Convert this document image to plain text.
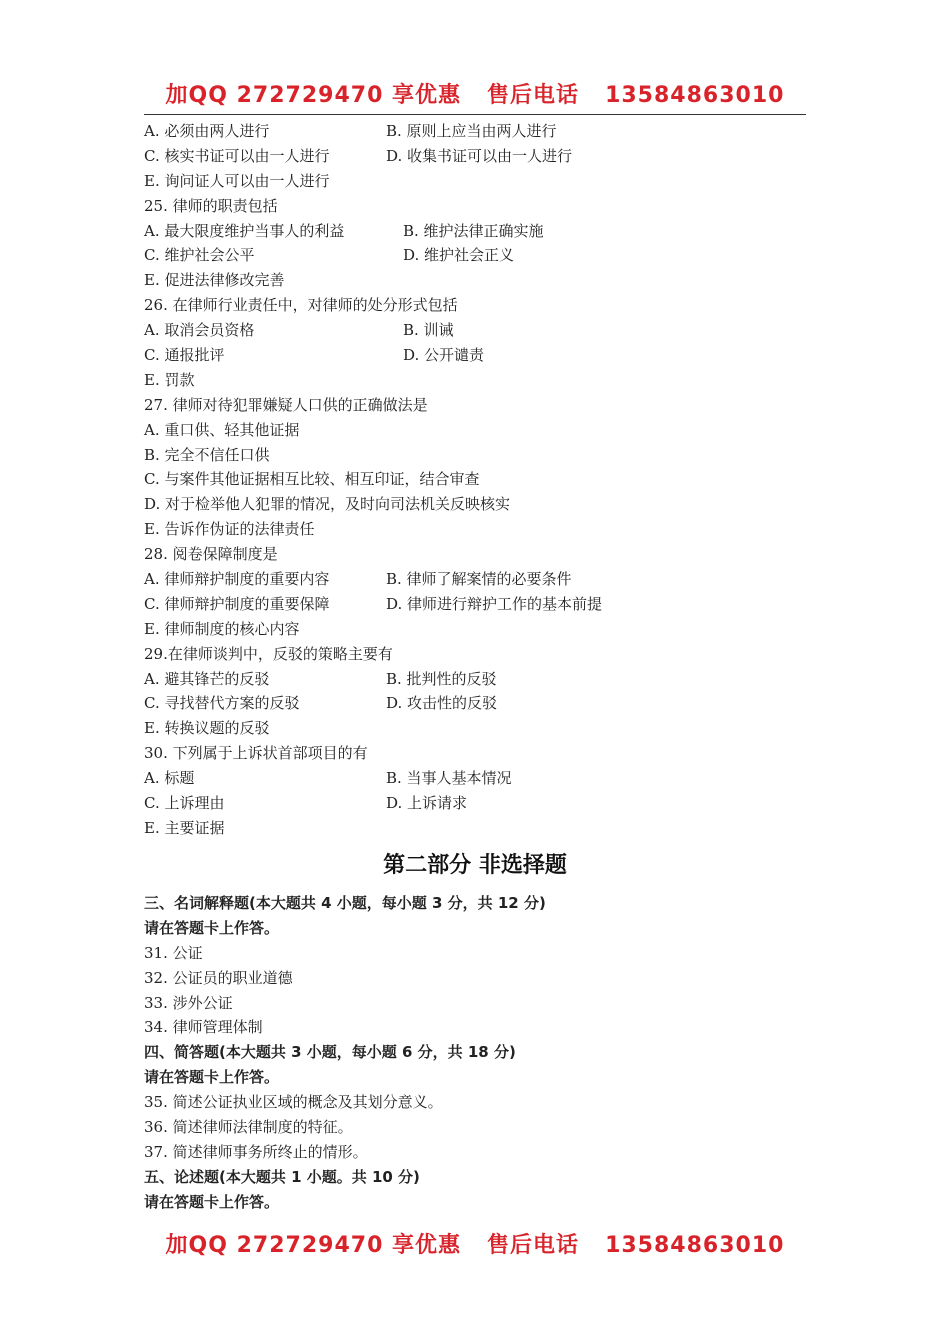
加QQ 272729470 享优惠 售后电话 13584863010
A. 必须由两人进行	B. 原则上应当由两人进行
C. 核实书证可以由一人进行	D. 收集书证可以由一人进行
E. 询问证人可以由一人进行
25. 律师的职责包括
A. 最大限度维护当事人的利益	B. 维护法律正确实施
C. 维护社会公平	D. 维护社会正义
E. 促进法律修改完善
26. 在律师行业责任中，对律师的处分形式包括
A. 取消会员资格	B. 训诫
C. 通报批评	D. 公开谴责
E. 罚款
27. 律师对待犯罪嫌疑人口供的正确做法是
A. 重口供、轻其他证据
B. 完全不信任口供
C. 与案件其他证据相互比较、相互印证，结合审查
D. 对于检举他人犯罪的情况，及时向司法机关反映核实
E. 告诉作伪证的法律责任
28. 阅卷保障制度是
A. 律师辩护制度的重要内容	B. 律师了解案情的必要条件
C. 律师辩护制度的重要保障	D. 律师进行辩护工作的基本前提
E. 律师制度的核心内容
29.在律师谈判中，反驳的策略主要有
A. 避其锋芒的反驳	B. 批判性的反驳
C. 寻找替代方案的反驳	D. 攻击性的反驳
E. 转换议题的反驳
30. 下列属于上诉状首部项目的有
A. 标题	B. 当事人基本情况
C. 上诉理由	D. 上诉请求
E. 主要证据
第二部分 非选择题
三、名词解释题(本大题共 4 小题，每小题 3 分，共 12 分)
请在答题卡上作答。
31. 公证
32. 公证员的职业道德
33. 涉外公证
34. 律师管理体制
四、简答题(本大题共 3 小题，每小题 6 分，共 18 分)
请在答题卡上作答。
35. 简述公证执业区域的概念及其划分意义。
36. 简述律师法律制度的特征。
37. 简述律师事务所终止的情形。
五、论述题(本大题共 1 小题。共 10 分)
请在答题卡上作答。
加QQ 272729470 享优惠 售后电话 13584863010
